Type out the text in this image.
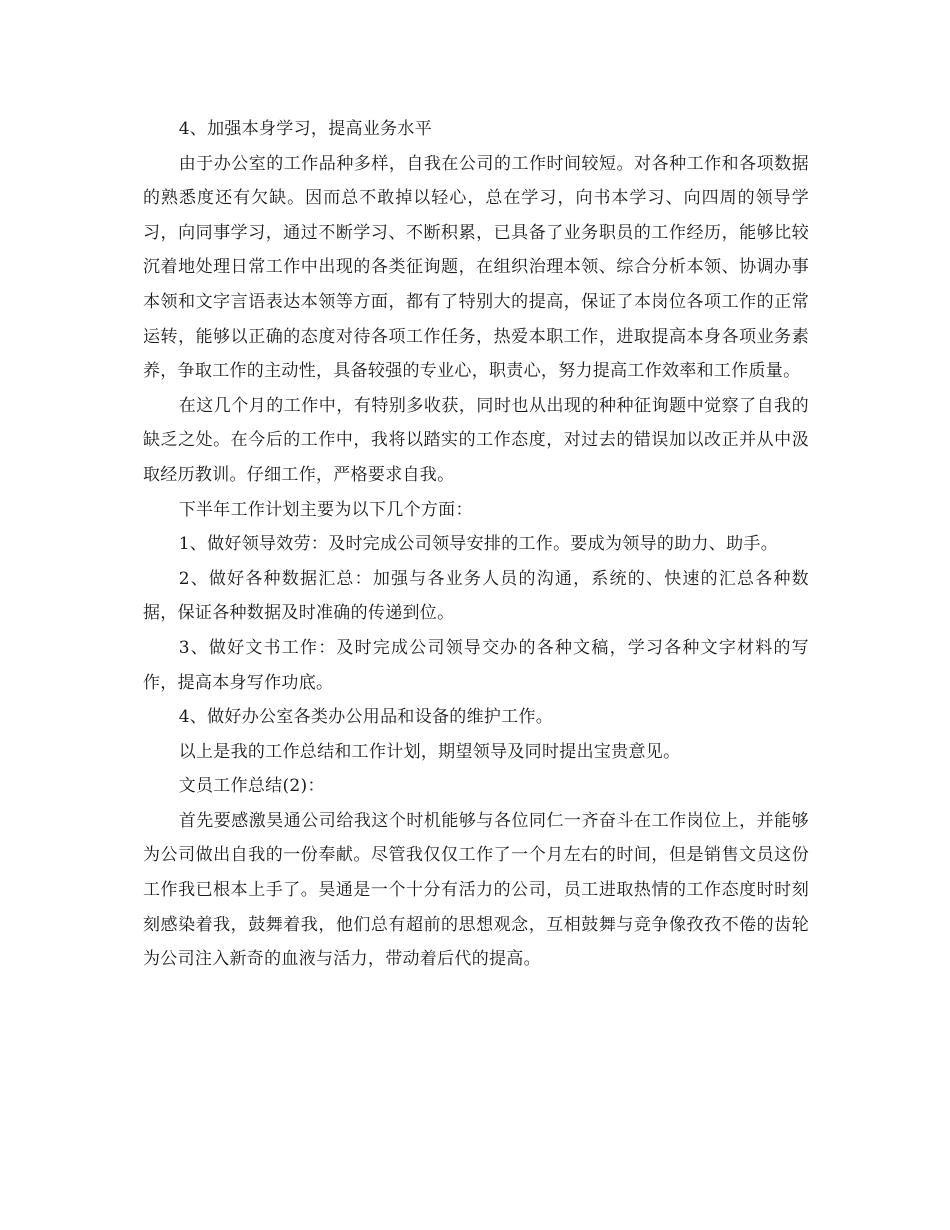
4、加强本身学习，提高业务水平

由于办公室的工作品种多样，自我在公司的工作时间较短。对各种工作和各项数据的熟悉度还有欠缺。因而总不敢掉以轻心，总在学习，向书本学习、向四周的领导学习，向同事学习，通过不断学习、不断积累，已具备了业务职员的工作经历，能够比较沉着地处理日常工作中出现的各类征询题，在组织治理本领、综合分析本领、协调办事本领和文字言语表达本领等方面，都有了特别大的提高，保证了本岗位各项工作的正常运转，能够以正确的态度对待各项工作任务，热爱本职工作，进取提高本身各项业务素养，争取工作的主动性，具备较强的专业心，职责心，努力提高工作效率和工作质量。

在这几个月的工作中，有特别多收获，同时也从出现的种种征询题中觉察了自我的缺乏之处。在今后的工作中，我将以踏实的工作态度，对过去的错误加以改正并从中汲取经历教训。仔细工作，严格要求自我。

下半年工作计划主要为以下几个方面：

1、做好领导效劳：及时完成公司领导安排的工作。要成为领导的助力、助手。

2、做好各种数据汇总：加强与各业务人员的沟通，系统的、快速的汇总各种数据，保证各种数据及时准确的传递到位。

3、做好文书工作：及时完成公司领导交办的各种文稿，学习各种文字材料的写作，提高本身写作功底。

4、做好办公室各类办公用品和设备的维护工作。

以上是我的工作总结和工作计划，期望领导及同时提出宝贵意见。

文员工作总结(2)：

首先要感激昊通公司给我这个时机能够与各位同仁一齐奋斗在工作岗位上，并能够为公司做出自我的一份奉献。尽管我仅仅工作了一个月左右的时间，但是销售文员这份工作我已根本上手了。昊通是一个十分有活力的公司，员工进取热情的工作态度时时刻刻感染着我，鼓舞着我，他们总有超前的思想观念，互相鼓舞与竞争像孜孜不倦的齿轮为公司注入新奇的血液与活力，带动着后代的提高。
